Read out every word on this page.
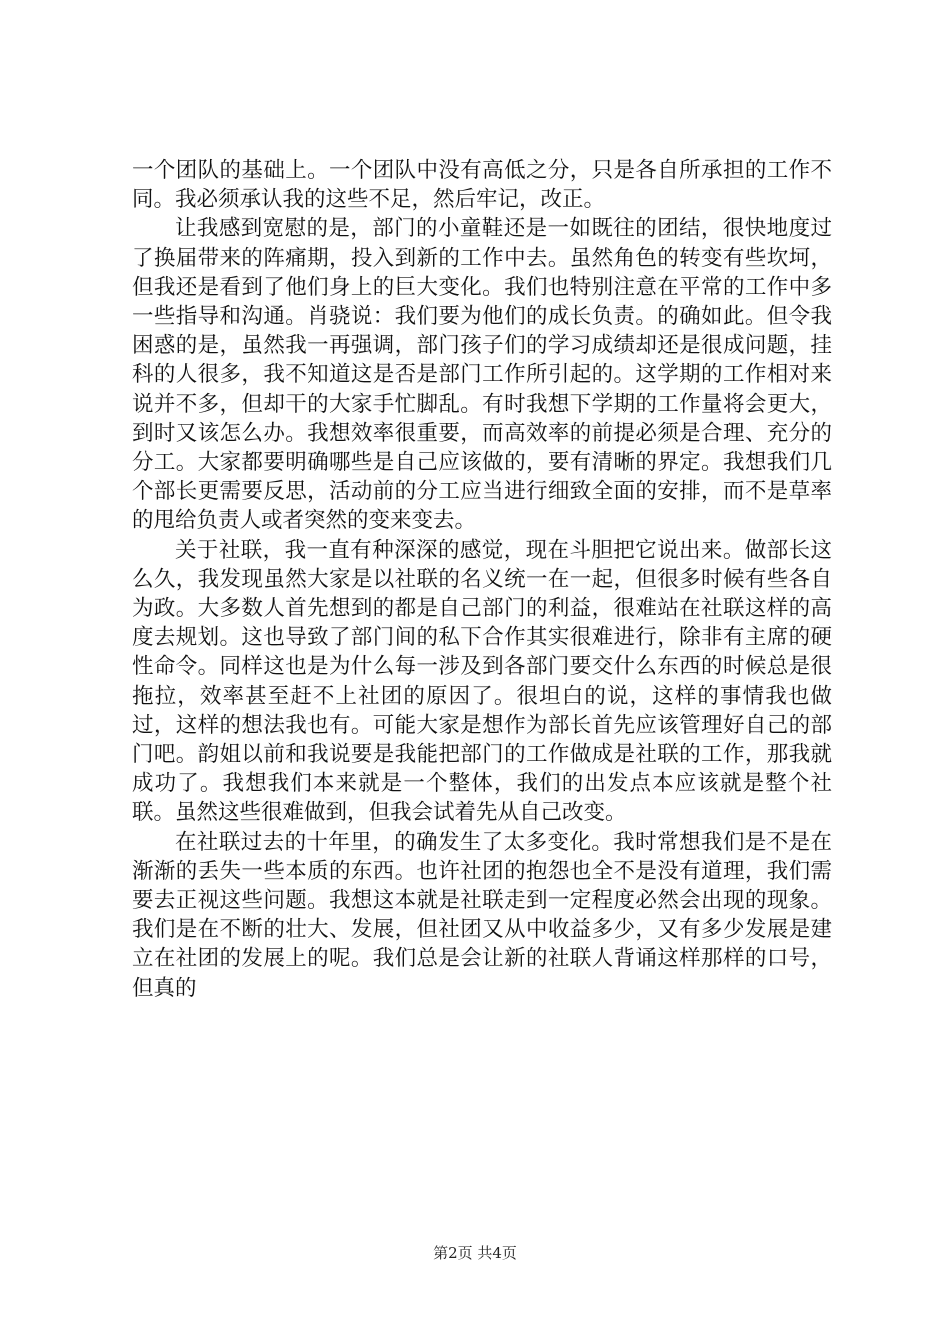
一个团队的基础上。一个团队中没有高低之分，只是各自所承担的工作不同。我必须承认我的这些不足，然后牢记，改正。

让我感到宽慰的是，部门的小童鞋还是一如既往的团结，很快地度过了换届带来的阵痛期，投入到新的工作中去。虽然角色的转变有些坎坷，但我还是看到了他们身上的巨大变化。我们也特别注意在平常的工作中多一些指导和沟通。肖骁说：我们要为他们的成长负责。的确如此。但令我困惑的是，虽然我一再强调，部门孩子们的学习成绩却还是很成问题，挂科的人很多，我不知道这是否是部门工作所引起的。这学期的工作相对来说并不多，但却干的大家手忙脚乱。有时我想下学期的工作量将会更大，到时又该怎么办。我想效率很重要，而高效率的前提必须是合理、充分的分工。大家都要明确哪些是自己应该做的，要有清晰的界定。我想我们几个部长更需要反思，活动前的分工应当进行细致全面的安排，而不是草率的甩给负责人或者突然的变来变去。

关于社联，我一直有种深深的感觉，现在斗胆把它说出来。做部长这么久，我发现虽然大家是以社联的名义统一在一起，但很多时候有些各自为政。大多数人首先想到的都是自己部门的利益，很难站在社联这样的高度去规划。这也导致了部门间的私下合作其实很难进行，除非有主席的硬性命令。同样这也是为什么每一涉及到各部门要交什么东西的时候总是很拖拉，效率甚至赶不上社团的原因了。很坦白的说，这样的事情我也做过，这样的想法我也有。可能大家是想作为部长首先应该管理好自己的部门吧。韵姐以前和我说要是我能把部门的工作做成是社联的工作，那我就成功了。我想我们本来就是一个整体，我们的出发点本应该就是整个社联。虽然这些很难做到，但我会试着先从自己改变。

在社联过去的十年里，的确发生了太多变化。我时常想我们是不是在渐渐的丢失一些本质的东西。也许社团的抱怨也全不是没有道理，我们需要去正视这些问题。我想这本就是社联走到一定程度必然会出现的现象。我们是在不断的壮大、发展，但社团又从中收益多少，又有多少发展是建立在社团的发展上的呢。我们总是会让新的社联人背诵这样那样的口号，但真的

第2页 共4页
